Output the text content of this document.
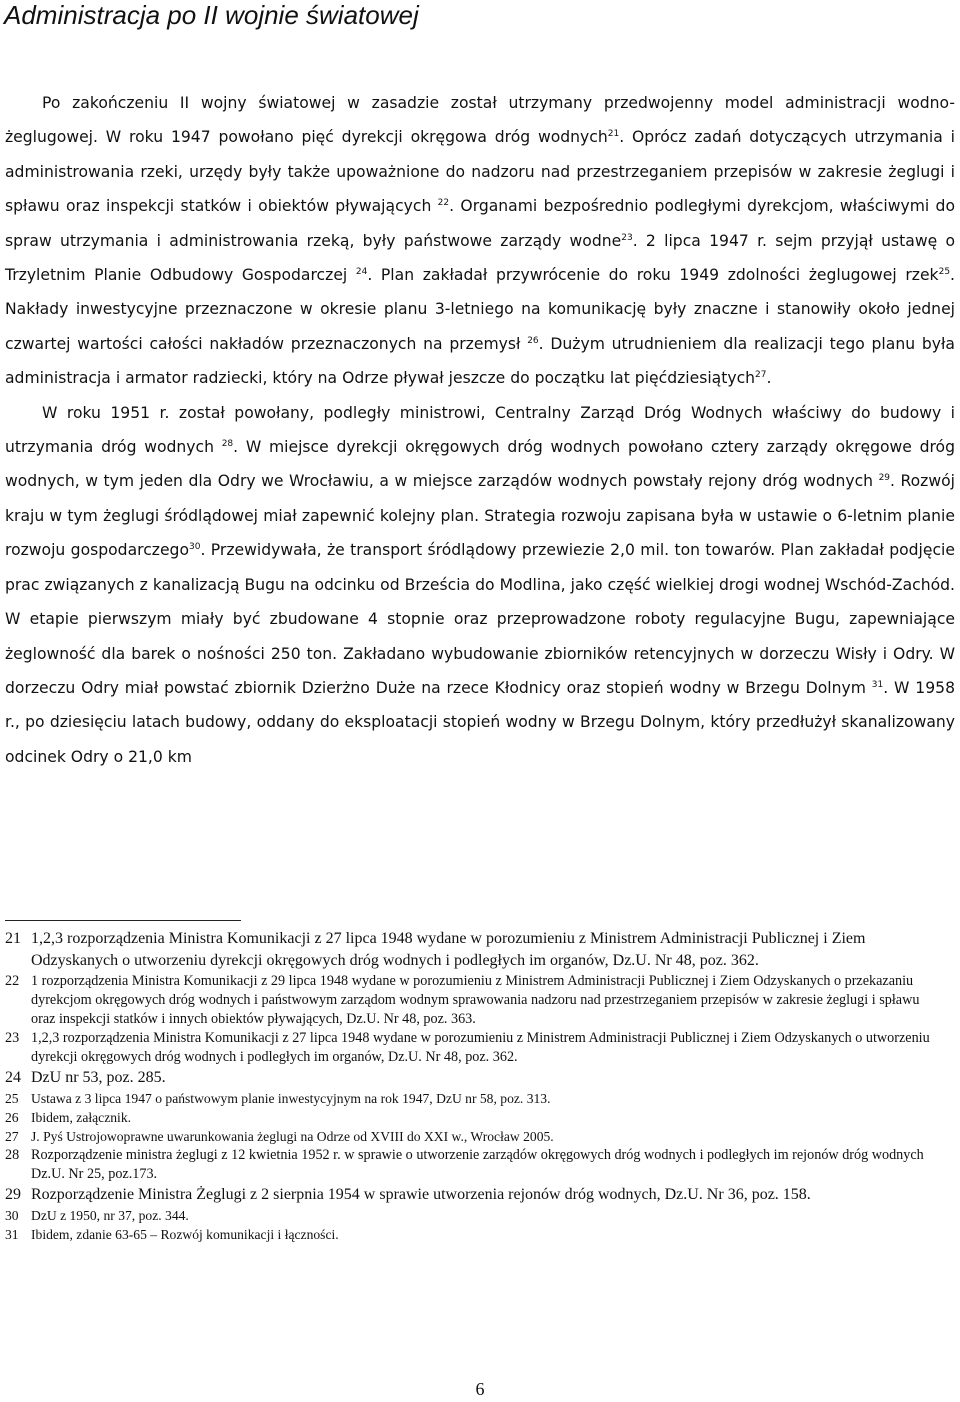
Administracja po II wojnie światowej

Po zakończeniu II wojny światowej w zasadzie został utrzymany przedwojenny model administracji wodno-żeglugowej. W roku 1947 powołano pięć dyrekcji okręgowa dróg wodnych$^{21}$. Oprócz zadań dotyczących utrzymania i administrowania rzeki, urzędy były także upoważnione do nadzoru nad przestrzeganiem przepisów w zakresie żeglugi i spławu oraz inspekcji statków i obiektów pływających $^{22}$. Organami bezpośrednio podległymi dyrekcjom, właściwymi do spraw utrzymania i administrowania rzeką, były państwowe zarządy wodne$^{23}$. 2 lipca 1947 r. sejm przyjął ustawę o Trzyletnim Planie Odbudowy Gospodarczej $^{24}$. Plan zakładał przywrócenie do roku 1949 zdolności żeglugowej rzek$^{25}$. Nakłady inwestycyjne przeznaczone w okresie planu 3-letniego na komunikację były znaczne i stanowiły około jednej czwartej wartości całości nakładów przeznaczonych na przemysł $^{26}$. Dużym utrudnieniem dla realizacji tego planu była administracja i armator radziecki, który na Odrze pływał jeszcze do początku lat pięćdziesiątych$^{27}$.

W roku 1951 r. został powołany, podległy ministrowi, Centralny Zarząd Dróg Wodnych właściwy do budowy i utrzymania dróg wodnych $^{28}$. W miejsce dyrekcji okręgowych dróg wodnych powołano cztery zarządy okręgowe dróg wodnych, w tym jeden dla Odry we Wrocławiu, a w miejsce zarządów wodnych powstały rejony dróg wodnych $^{29}$. Rozwój kraju w tym żeglugi śródlądowej miał zapewnić kolejny plan. Strategia rozwoju zapisana była w ustawie o 6-letnim planie rozwoju gospodarczego$^{30}$. Przewidywała, że transport śródlądowy przewiezie 2,0 mil. ton towarów. Plan zakładał podjęcie prac związanych z kanalizacją Bugu na odcinku od Brześcia do Modlina, jako część wielkiej drogi wodnej Wschód-Zachód. W etapie pierwszym miały być zbudowane 4 stopnie oraz przeprowadzone roboty regulacyjne Bugu, zapewniające żeglowność dla barek o nośności 250 ton. Zakładano wybudowanie zbiorników retencyjnych w dorzeczu Wisły i Odry. W dorzeczu Odry miał powstać zbiornik Dzierżno Duże na rzece Kłodnicy oraz stopień wodny w Brzegu Dolnym $^{31}$. W 1958 r., po dziesięciu latach budowy, oddany do eksploatacji stopień wodny w Brzegu Dolnym, który przedłużył skanalizowany odcinek Odry o 21,0 km

21 1,2,3 rozporządzenia Ministra Komunikacji z 27 lipca 1948 wydane w porozumieniu z Ministrem Administracji Publicznej i Ziem Odzyskanych o utworzeniu dyrekcji okręgowych dróg wodnych i podległych im organów, Dz.U. Nr 48, poz. 362.
22 1 rozporządzenia Ministra Komunikacji z 29 lipca 1948 wydane w porozumieniu z Ministrem Administracji Publicznej i Ziem Odzyskanych o przekazaniu dyrekcjom okręgowych dróg wodnych i państwowym zarządom wodnym sprawowania nadzoru nad przestrzeganiem przepisów w zakresie żeglugi i spławu oraz inspekcji statków i innych obiektów pływających, Dz.U. Nr 48, poz. 363.
23 1,2,3 rozporządzenia Ministra Komunikacji z 27 lipca 1948 wydane w porozumieniu z Ministrem Administracji Publicznej i Ziem Odzyskanych o utworzeniu dyrekcji okręgowych dróg wodnych i podległych im organów, Dz.U. Nr 48, poz. 362.
24 DzU nr 53, poz. 285.
25 Ustawa z 3 lipca 1947 o państwowym planie inwestycyjnym na rok 1947, DzU nr 58, poz. 313.
26 Ibidem, załącznik.
27 J. Pyś Ustrojowoprawne uwarunkowania żeglugi na Odrze od XVIII do XXI w., Wrocław 2005.
28 Rozporządzenie ministra żeglugi z 12 kwietnia 1952 r. w sprawie o utworzenie zarządów okręgowych dróg wodnych i podległych im rejonów dróg wodnych Dz.U. Nr 25, poz.173.
29 Rozporządzenie Ministra Żeglugi z 2 sierpnia 1954 w sprawie utworzenia rejonów dróg wodnych, Dz.U. Nr 36, poz. 158.
30 DzU z 1950, nr 37, poz. 344.
31 Ibidem, zdanie 63-65 – Rozwój komunikacji i łączności.
6
